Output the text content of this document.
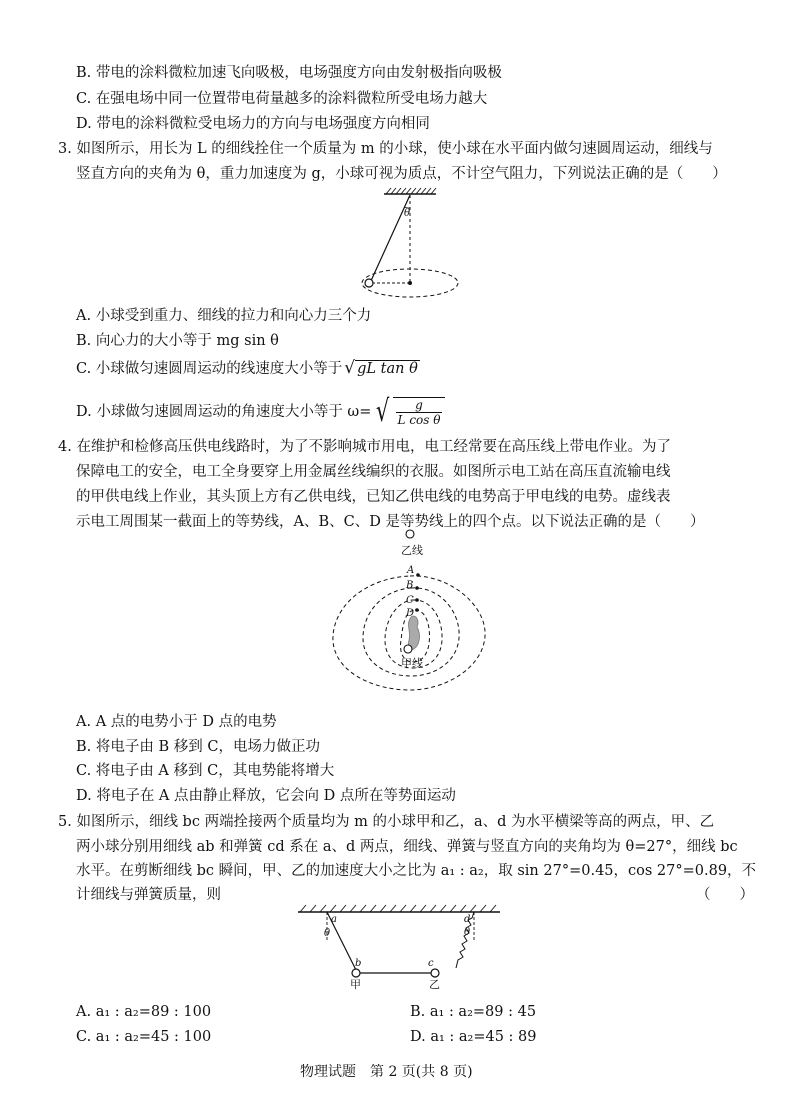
B. 带电的涂料微粒加速飞向吸极，电场强度方向由发射极指向吸极
C. 在强电场中同一位置带电荷量越多的涂料微粒所受电场力越大
D. 带电的涂料微粒受电场力的方向与电场强度方向相同
3. 如图所示，用长为 L 的细线拴住一个质量为 m 的小球，使小球在水平面内做匀速圆周运动，细线与
竖直方向的夹角为 θ，重力加速度为 g，小球可视为质点，不计空气阻力，下列说法正确的是（　　）
θ
A. 小球受到重力、细线的拉力和向心力三个力
B. 向心力的大小等于 mg sin θ
C. 小球做匀速圆周运动的线速度大小等于 √ gL tan θ
D. 小球做匀速圆周运动的角速度大小等于 ω= √ $\frac{g}{\text{L cos θ}}$
4. 在维护和检修高压供电线路时，为了不影响城市用电，电工经常要在高压线上带电作业。为了
保障电工的安全，电工全身要穿上用金属丝线编织的衣服。如图所示电工站在高压直流输电线
的甲供电线上作业，其头顶上方有乙供电线，已知乙供电线的电势高于甲电线的电势。虚线表
示电工周围某一截面上的等势线，A、B、C、D 是等势线上的四个点。以下说法正确的是（　　）
乙线
甲线
A
B
C
D
A. A 点的电势小于 D 点的电势
B. 将电子由 B 移到 C，电场力做正功
C. 将电子由 A 移到 C，其电势能将增大
D. 将电子在 A 点由静止释放，它会向 D 点所在等势面运动
5. 如图所示，细线 bc 两端拴接两个质量均为 m 的小球甲和乙，a、d 为水平横梁等高的两点，甲、乙
两小球分别用细线 ab 和弹簧 cd 系在 a、d 两点，细线、弹簧与竖直方向的夹角均为 θ=27°，细线 bc
水平。在剪断细线 bc 瞬间，甲、乙的加速度大小之比为 a₁ : a₂，取 sin 27°=0.45，cos 27°=0.89，不
计细线与弹簧质量，则	（　　）
a
θ
d
θ
b	c
甲	乙
A. a₁ : a₂=89 : 100	B. a₁ : a₂=89 : 45
C. a₁ : a₂=45 : 100	D. a₁ : a₂=45 : 89
物理试题　第 2 页(共 8 页)
